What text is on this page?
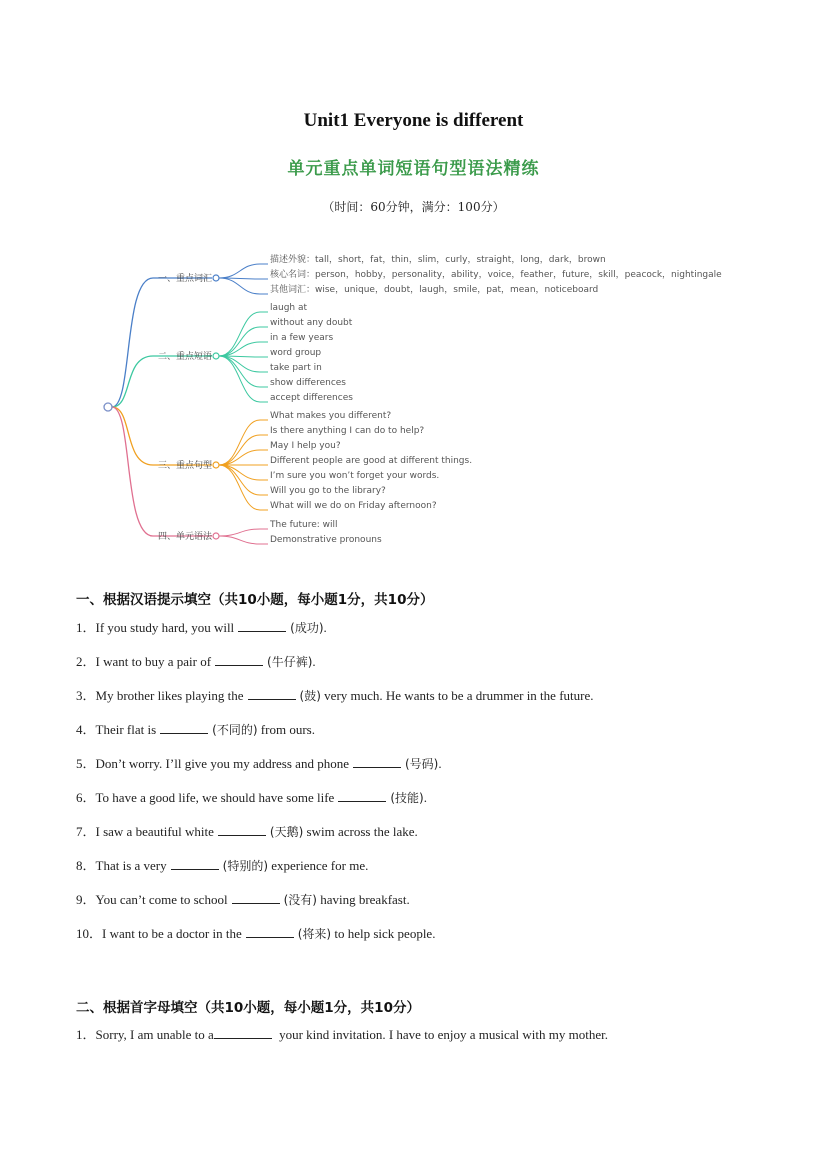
Unit1 Everyone is different
单元重点单词短语句型语法精练
（时间：60分钟，满分：100分）
一、重点词汇
描述外貌：tall，short，fat，thin，slim，curly，straight，long，dark，brown
核心名词：person，hobby，personality，ability，voice，feather，future，skill，peacock，nightingale
其他词汇：wise，unique，doubt，laugh，smile，pat，mean，noticeboard
二、重点短语
laugh at
without any doubt
in a few years
word group
take part in
show differences
accept differences
三、重点句型
What makes you different?
Is there anything I can do to help?
May I help you?
Different people are good at different things.
I’m sure you won’t forget your words.
Will you go to the library?
What will we do on Friday afternoon?
四、单元语法
The future: will
Demonstrative pronouns
一、根据汉语提示填空（共10小题，每小题1分，共10分）
1．If you study hard, you will	(成功).
2．I want to buy a pair of	(牛仔裤).
3．My brother likes playing the	(鼓) very much. He wants to be a drummer in the future.
4．Their flat is	(不同的) from ours.
5．Don’t worry. I’ll give you my address and phone	(号码).
6．To have a good life, we should have some life	(技能).
7．I saw a beautiful white	(天鹅) swim across the lake.
8．That is a very	(特别的) experience for me.
9．You can’t come to school	(没有) having breakfast.
10．I want to be a doctor in the	(将来) to help sick people.
二、根据首字母填空（共10小题，每小题1分，共10分）
1．Sorry, I am unable to a	your kind invitation. I have to enjoy a musical with my mother.
